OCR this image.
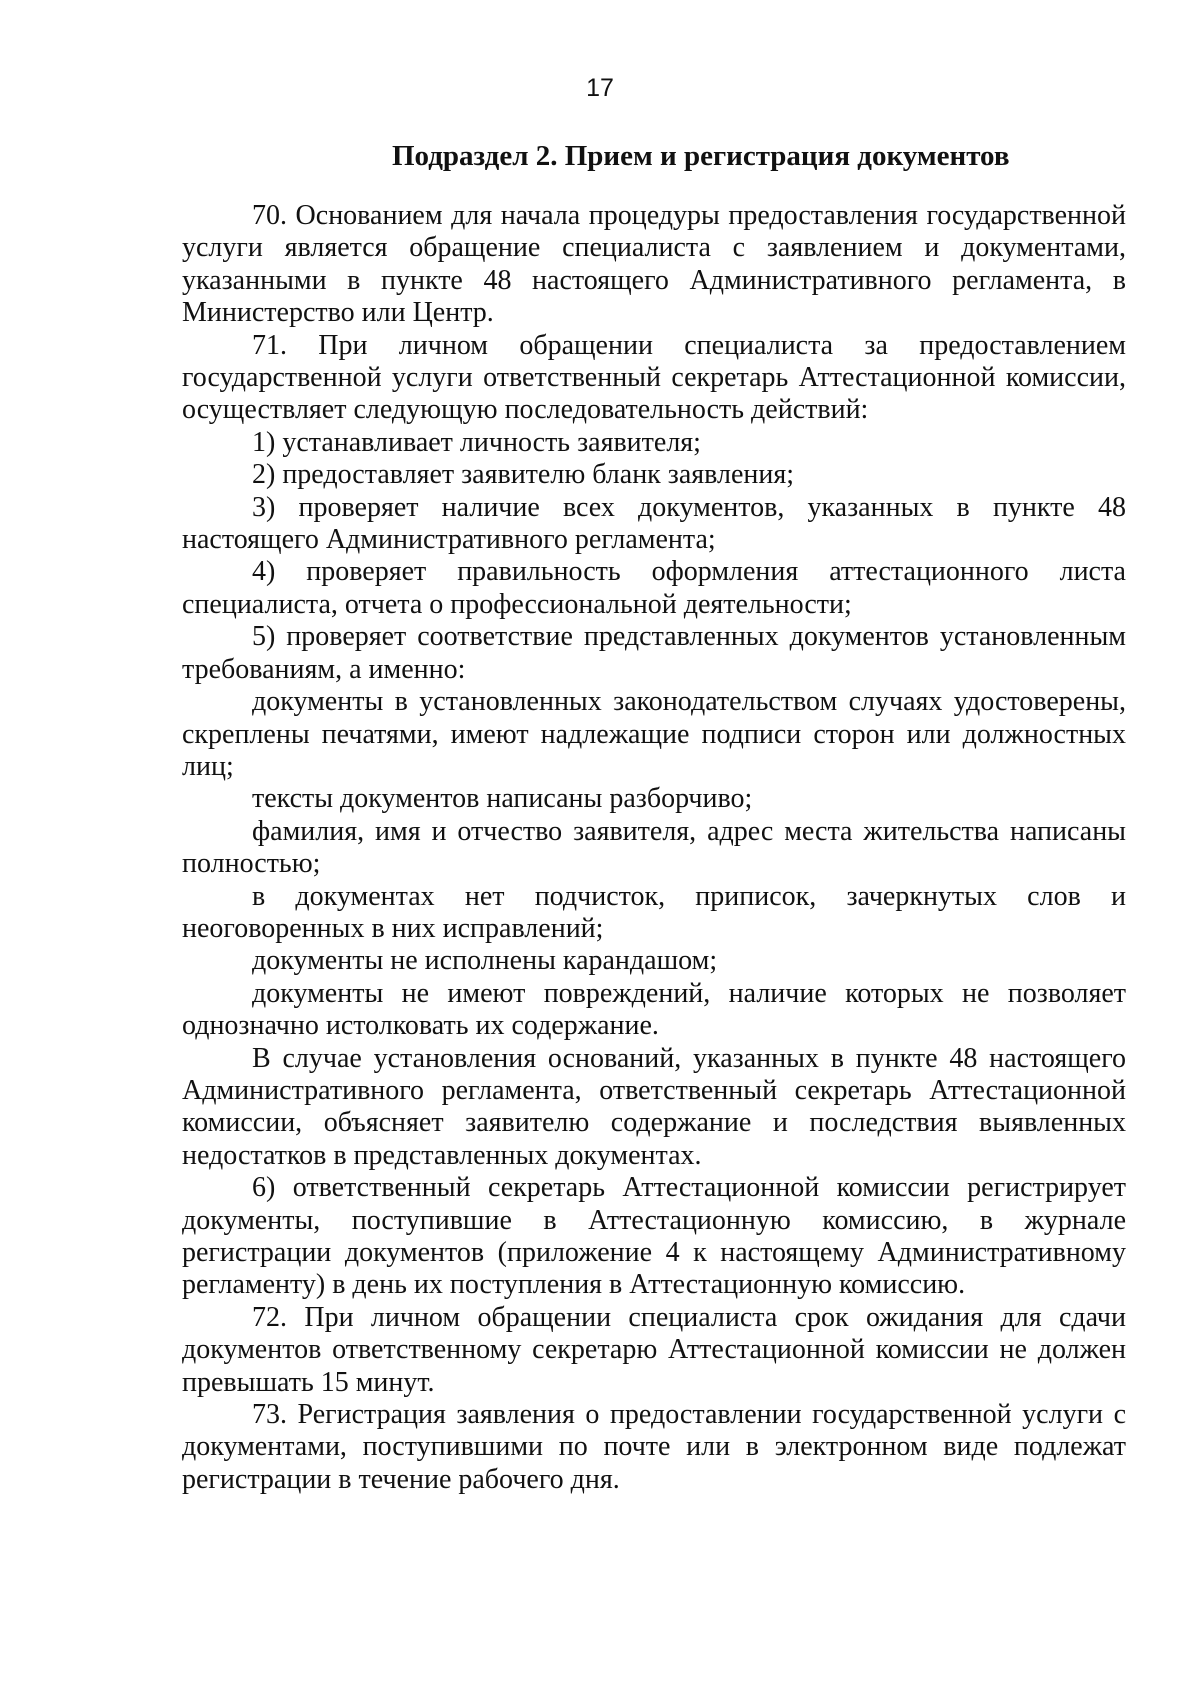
17
Подраздел 2. Прием и регистрация документов

70. Основанием для начала процедуры предоставления государственной услуги является обращение специалиста с заявлением и документами, указанными в пункте 48 настоящего Административного регламента, в Министерство или Центр.

71. При личном обращении специалиста за предоставлением государственной услуги ответственный секретарь Аттестационной комиссии, осуществляет следующую последовательность действий:

1) устанавливает личность заявителя;

2) предоставляет заявителю бланк заявления;

3) проверяет наличие всех документов, указанных в пункте 48 настоящего Административного регламента;

4) проверяет правильность оформления аттестационного листа специалиста, отчета о профессиональной деятельности;

5) проверяет соответствие представленных документов установленным требованиям, а именно:

документы в установленных законодательством случаях удостоверены, скреплены печатями, имеют надлежащие подписи сторон или должностных лиц;

тексты документов написаны разборчиво;

фамилия, имя и отчество заявителя, адрес места жительства написаны полностью;

в документах нет подчисток, приписок, зачеркнутых слов и неоговоренных в них исправлений;

документы не исполнены карандашом;

документы не имеют повреждений, наличие которых не позволяет однозначно истолковать их содержание.

В случае установления оснований, указанных в пункте 48 настоящего Административного регламента, ответственный секретарь Аттестационной комиссии, объясняет заявителю содержание и последствия выявленных недостатков в представленных документах.

6) ответственный секретарь Аттестационной комиссии регистрирует документы, поступившие в Аттестационную комиссию, в журнале регистрации документов (приложение 4 к настоящему Административному регламенту) в день их поступления в Аттестационную комиссию.

72. При личном обращении специалиста срок ожидания для сдачи документов ответственному секретарю Аттестационной комиссии не должен превышать 15 минут.

73. Регистрация заявления о предоставлении государственной услуги с документами, поступившими по почте или в электронном виде подлежат регистрации в течение рабочего дня.
